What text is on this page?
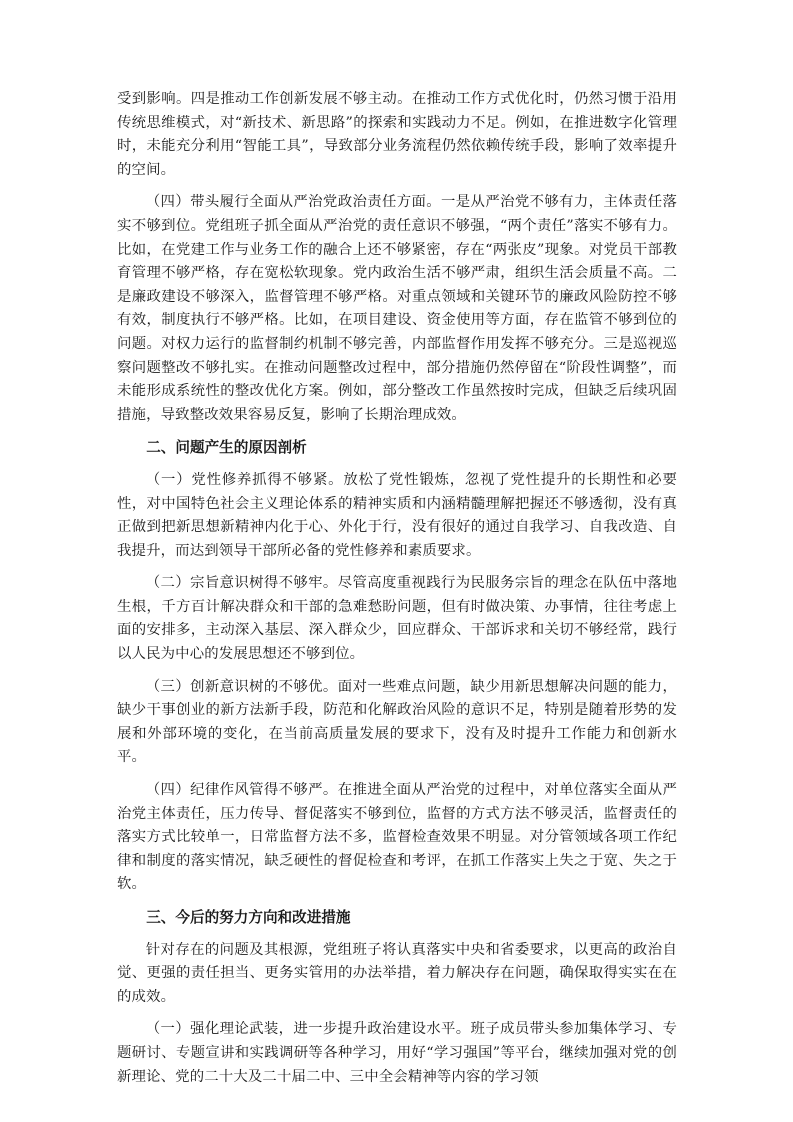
受到影响。四是推动工作创新发展不够主动。在推动工作方式优化时，仍然习惯于沿用传统思维模式，对“新技术、新思路”的探索和实践动力不足。例如，在推进数字化管理时，未能充分利用“智能工具”，导致部分业务流程仍然依赖传统手段，影响了效率提升的空间。

（四）带头履行全面从严治党政治责任方面。一是从严治党不够有力，主体责任落实不够到位。党组班子抓全面从严治党的责任意识不够强，“两个责任”落实不够有力。比如，在党建工作与业务工作的融合上还不够紧密，存在“两张皮”现象。对党员干部教育管理不够严格，存在宽松软现象。党内政治生活不够严肃，组织生活会质量不高。二是廉政建设不够深入，监督管理不够严格。对重点领域和关键环节的廉政风险防控不够有效，制度执行不够严格。比如，在项目建设、资金使用等方面，存在监管不够到位的问题。对权力运行的监督制约机制不够完善，内部监督作用发挥不够充分。三是巡视巡察问题整改不够扎实。在推动问题整改过程中，部分措施仍然停留在“阶段性调整”，而未能形成系统性的整改优化方案。例如，部分整改工作虽然按时完成，但缺乏后续巩固措施，导致整改效果容易反复，影响了长期治理成效。

二、问题产生的原因剖析

（一）党性修养抓得不够紧。放松了党性锻炼，忽视了党性提升的长期性和必要性，对中国特色社会主义理论体系的精神实质和内涵精髓理解把握还不够透彻，没有真正做到把新思想新精神内化于心、外化于行，没有很好的通过自我学习、自我改造、自我提升，而达到领导干部所必备的党性修养和素质要求。

（二）宗旨意识树得不够牢。尽管高度重视践行为民服务宗旨的理念在队伍中落地生根，千方百计解决群众和干部的急难愁盼问题，但有时做决策、办事情，往往考虑上面的安排多，主动深入基层、深入群众少，回应群众、干部诉求和关切不够经常，践行以人民为中心的发展思想还不够到位。

（三）创新意识树的不够优。面对一些难点问题，缺少用新思想解决问题的能力，缺少干事创业的新方法新手段，防范和化解政治风险的意识不足，特别是随着形势的发展和外部环境的变化，在当前高质量发展的要求下，没有及时提升工作能力和创新水平。

（四）纪律作风管得不够严。在推进全面从严治党的过程中，对单位落实全面从严治党主体责任，压力传导、督促落实不够到位，监督的方式方法不够灵活，监督责任的落实方式比较单一，日常监督方法不多，监督检查效果不明显。对分管领域各项工作纪律和制度的落实情况，缺乏硬性的督促检查和考评，在抓工作落实上失之于宽、失之于软。

三、今后的努力方向和改进措施

针对存在的问题及其根源，党组班子将认真落实中央和省委要求，以更高的政治自觉、更强的责任担当、更务实管用的办法举措，着力解决存在问题，确保取得实实在在的成效。

（一）强化理论武装，进一步提升政治建设水平。班子成员带头参加集体学习、专题研讨、专题宣讲和实践调研等各种学习，用好“学习强国”等平台，继续加强对党的创新理论、党的二十大及二十届二中、三中全会精神等内容的学习领
